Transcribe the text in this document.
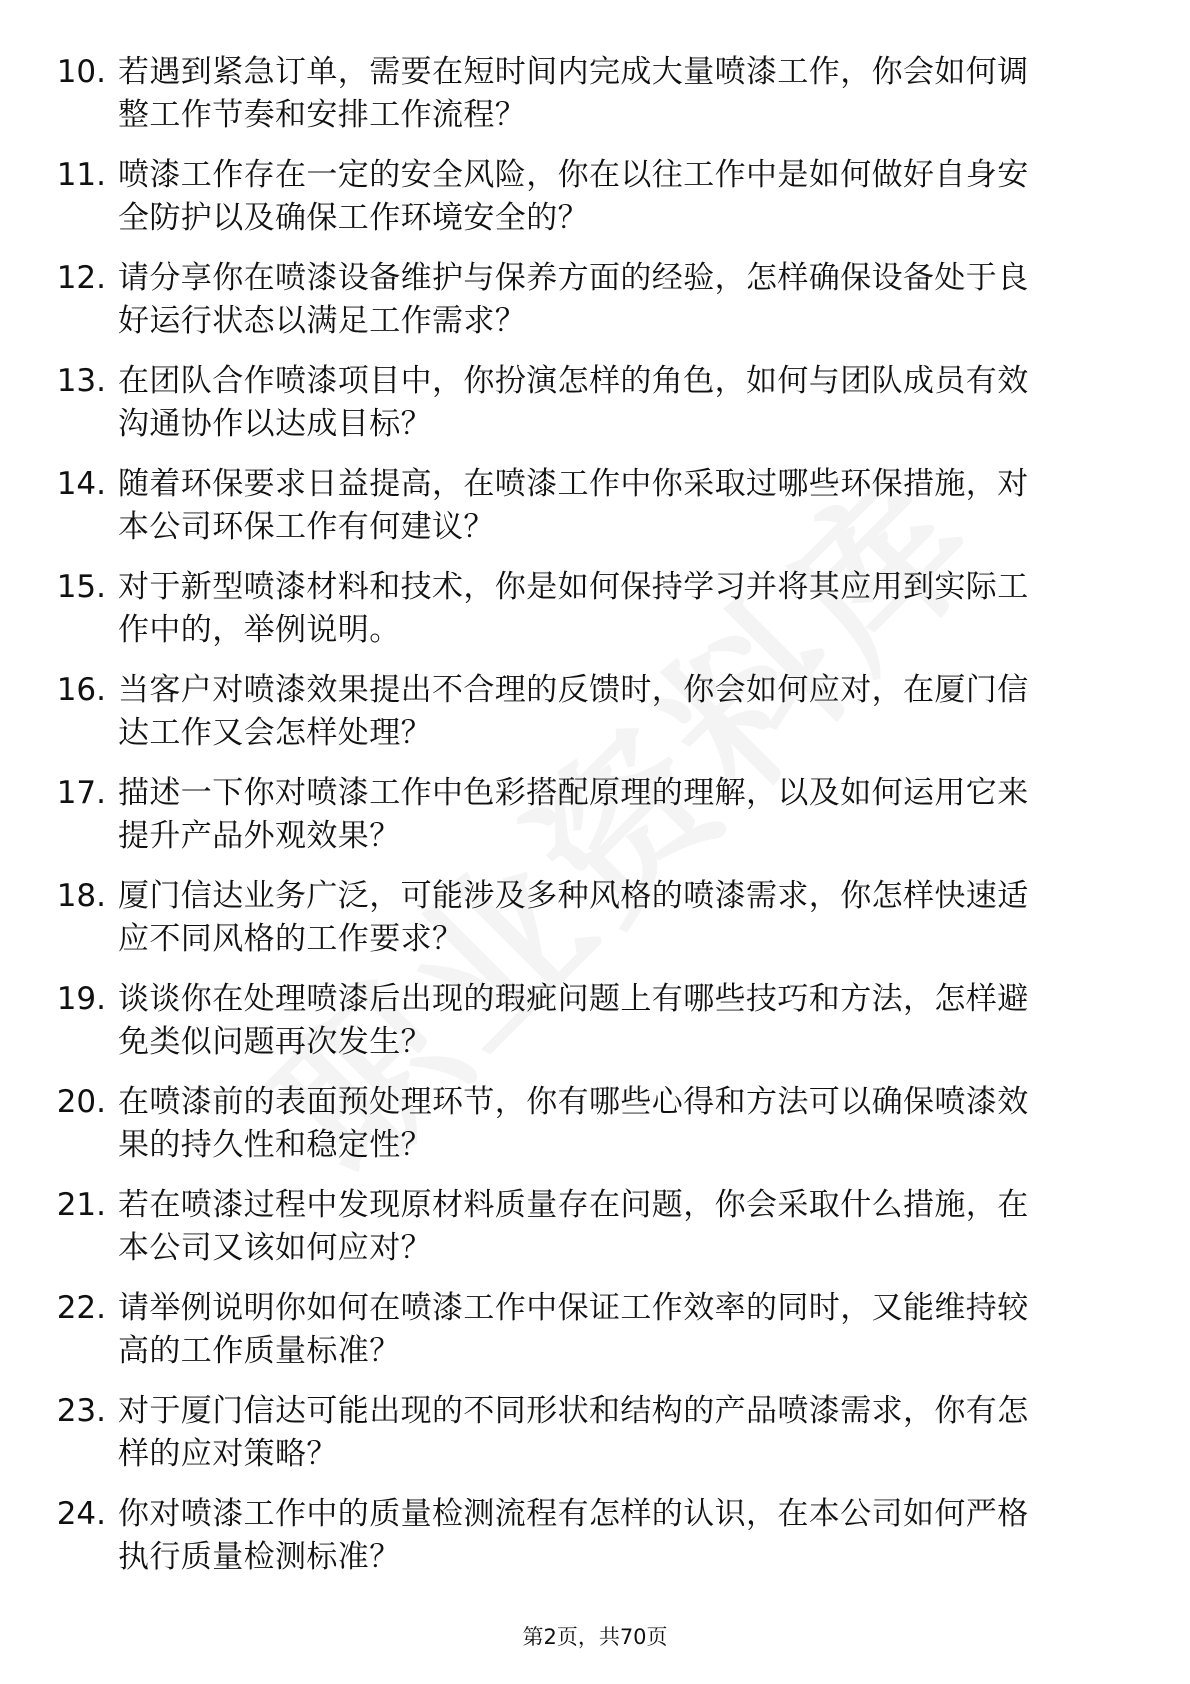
10. 若遇到紧急订单，需要在短时间内完成大量喷漆工作，你会如何调整工作节奏和安排工作流程？
11. 喷漆工作存在一定的安全风险，你在以往工作中是如何做好自身安全防护以及确保工作环境安全的？
12. 请分享你在喷漆设备维护与保养方面的经验，怎样确保设备处于良好运行状态以满足工作需求？
13. 在团队合作喷漆项目中，你扮演怎样的角色，如何与团队成员有效沟通协作以达成目标？
14. 随着环保要求日益提高，在喷漆工作中你采取过哪些环保措施，对本公司环保工作有何建议？
15. 对于新型喷漆材料和技术，你是如何保持学习并将其应用到实际工作中的，举例说明。
16. 当客户对喷漆效果提出不合理的反馈时，你会如何应对，在厦门信达工作又会怎样处理？
17. 描述一下你对喷漆工作中色彩搭配原理的理解，以及如何运用它来提升产品外观效果？
18. 厦门信达业务广泛，可能涉及多种风格的喷漆需求，你怎样快速适应不同风格的工作要求？
19. 谈谈你在处理喷漆后出现的瑕疵问题上有哪些技巧和方法，怎样避免类似问题再次发生？
20. 在喷漆前的表面预处理环节，你有哪些心得和方法可以确保喷漆效果的持久性和稳定性？
21. 若在喷漆过程中发现原材料质量存在问题，你会采取什么措施，在本公司又该如何应对？
22. 请举例说明你如何在喷漆工作中保证工作效率的同时，又能维持较高的工作质量标准？
23. 对于厦门信达可能出现的不同形状和结构的产品喷漆需求，你有怎样的应对策略？
24. 你对喷漆工作中的质量检测流程有怎样的认识，在本公司如何严格执行质量检测标准？
第2页，共70页
